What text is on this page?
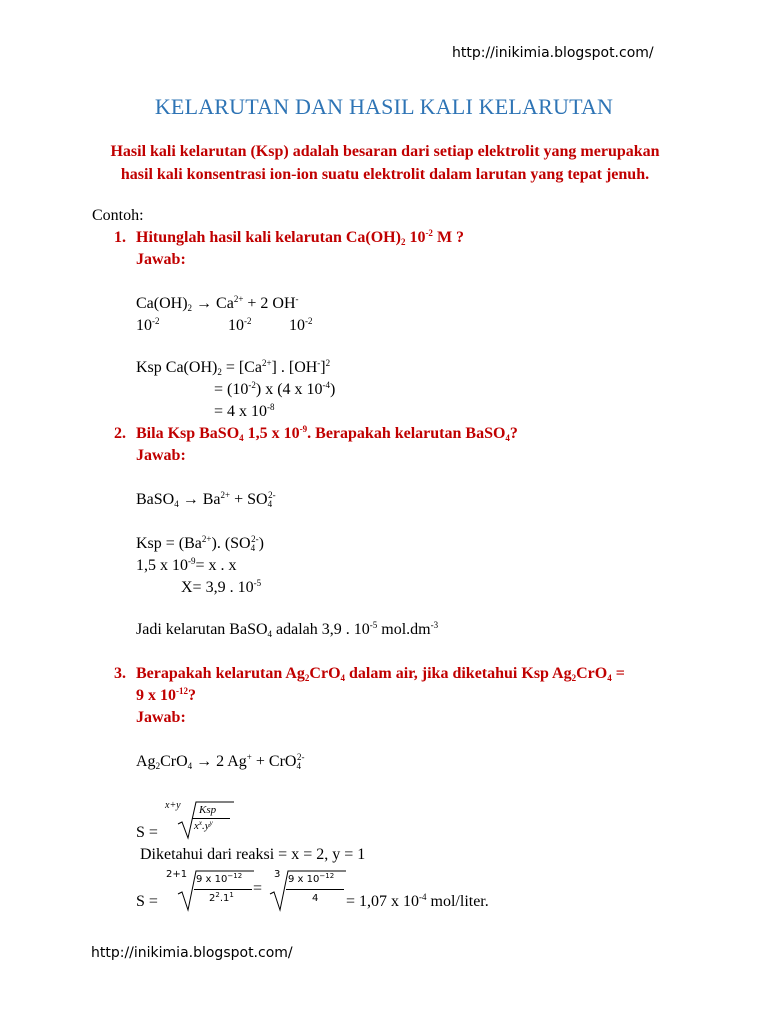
http://inikimia.blogspot.com/
KELARUTAN DAN HASIL KALI KELARUTAN
Hasil kali kelarutan (Ksp) adalah besaran dari setiap elektrolit yang merupakan hasil kali konsentrasi ion-ion suatu elektrolit dalam larutan yang tepat jenuh.
Contoh:
1. Hitunglah hasil kali kelarutan $Ca(OH)_2$ $10^{-2}$ M ?
Jawab:
$Ca(OH)_2 \to Ca^{2+} + 2$ OH-
$10^{-2}$	$10^{-2}$ $10^{-2}$
Ksp $Ca(OH)_2 = [Ca^{2+}]$ . $[OH^-]^2$
= $(10^{-2})$ x (4 x $10^{-4}$)
= 4 x $10^{-8}$
2. Bila Ksp BaSO$_4$ 1,5 x $10^{-9}$. Berapakah kelarutan BaSO$_4$?
Jawab:
BaSO$_4$ → $Ba^{2+} + SO_4^{2-}$
Ksp = $(Ba^{2+})$. $(SO_4^{2-})$
1,5 x $10^{-9}= x$ . x
X= 3,9 . $10^{-5}$
Jadi kelarutan BaSO$_4$ adalah 3,9 . $10^{-5}$ $mol.dm^{-3}$
3. Berapakah kelarutan $Ag_2CrO_4$ dalam air, jika diketahui Ksp $Ag_2CrO_4$ =
9 x $10^{-12}$?
Jawab:
$Ag_2CrO_4 \to 2$ Ag+ + CrO$_4^{2-}$
S =
x+y Ksp
$x^x.y^y$
Diketahui dari reaksi = x = 2, y = 1
S =
2+1 9 x $10^{-12}$
$2^2.1^1$ =
3 9 x $10^{-12}$
4 = 1,07 x $10^{-4}$ mol/liter.
http://inikimia.blogspot.com/
